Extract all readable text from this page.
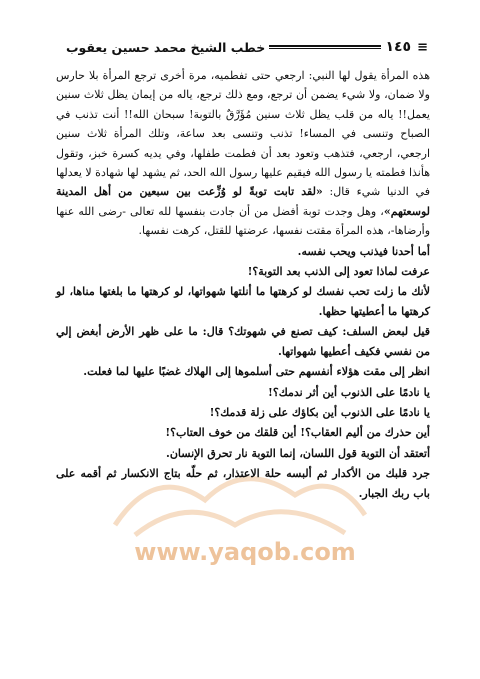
≡
١٤٥
خطب الشيخ محمد حسين يعقوب
www.yaqob.com

هذه المرأة يقول لها النبي: ارجعي حتى تفطميه، مرة أخرى ترجع المرأة بلا حارس ولا ضمان، ولا شيء يضمن أن ترجع، ومع ذلك ترجع، ياله من إيمان يظل ثلاث سنين يعمل!! ياله من قلب يظل ثلاث سنين مُؤَرَّقٌ بالتوبة! سبحان الله!! أنت تذنب في الصباح وتنسى في المساء! تذنب وتنسى بعد ساعة، وتلك المرأة ثلاث سنين ارجعي، ارجعي، فتذهب وتعود بعد أن فطمت طفلها، وفي يديه كسرة خبز، وتقول هأنذا فطمته يا رسول الله فيقيم عليها رسول الله الحد، ثم يشهد لها شهادة لا يعدلها في الدنيا شيء قال: «لقد تابت توبةً لو وُزِّعت بين سبعين من أهل المدينة لوسعتهم»، وهل وجدت توبة أفضل من أن جادت بنفسها لله تعالى -رضى الله عنها وأرضاها-، هذه المرأة مقتت نفسها، عرضتها للقتل، كرهت نفسها.

أما أحدنا فيذنب ويحب نفسه.

عرفت لماذا تعود إلى الذنب بعد التوبة؟!

لأنك ما زلت تحب نفسك لو كرهتها ما أنلتها شهواتها، لو كرهتها ما بلغتها مناها، لو كرهتها ما أعطيتها حظها.

قيل لبعض السلف: كيف تصنع في شهوتك؟ قال: ما على ظهر الأرض أبغض إلي من نفسي فكيف أعطيها شهواتها.

انظر إلى مقت هؤلاء أنفسهم حتى أسلموها إلى الهلاك غضبًا عليها لما فعلت.

يا نادمًا على الذنوب أين أثر ندمك؟!

يا نادمًا على الذنوب أين بكاؤك على زلة قدمك؟!

أين حذرك من أليم العقاب؟! أين قلقك من خوف العتاب؟!

أتعتقد أن التوبة قول اللسان، إنما التوبة نار تحرق الإنسان.

جرد قلبك من الأكدار ثم ألبسه حلة الاعتذار، ثم حلّه بتاج الانكسار ثم أقمه على باب ربك الجبار.
